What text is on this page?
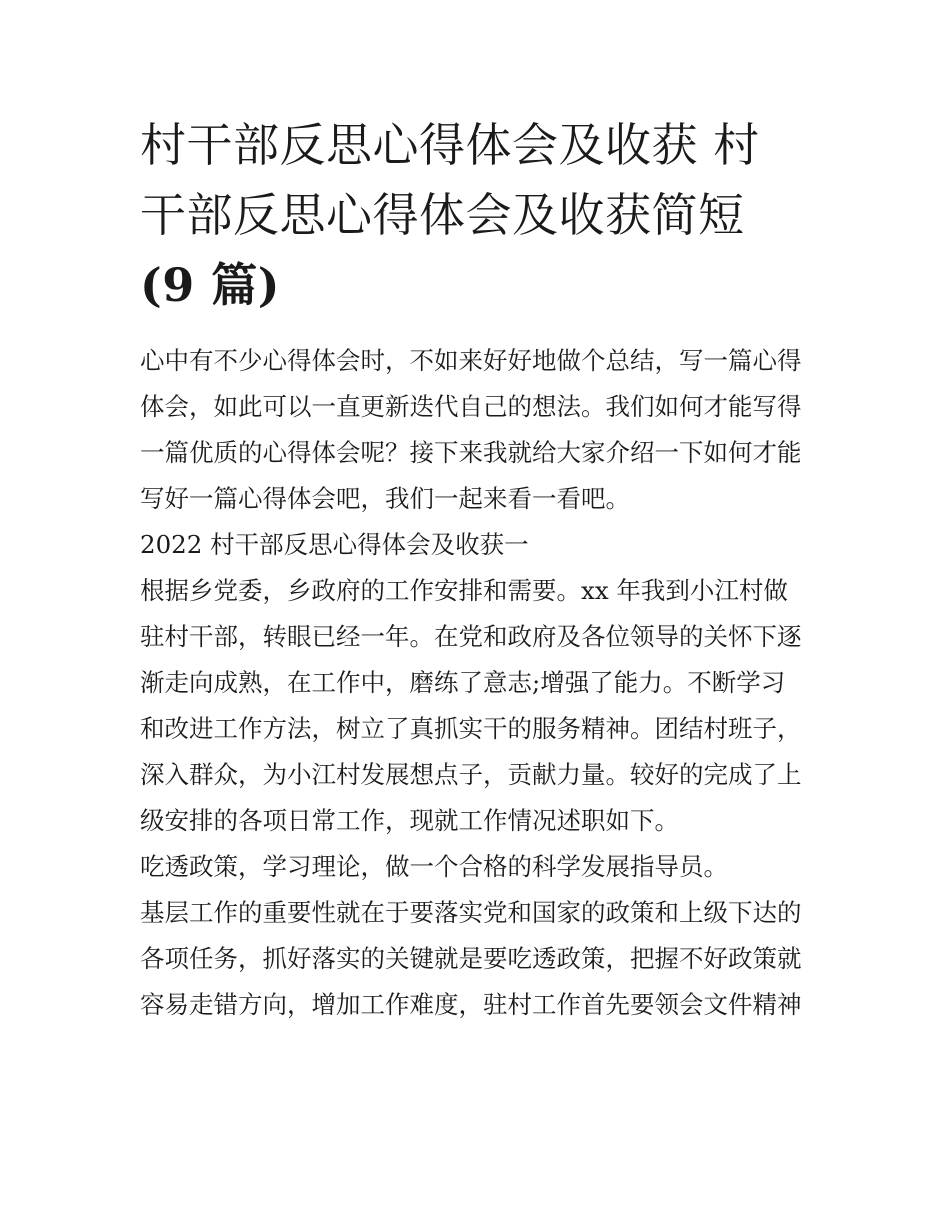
村干部反思心得体会及收获 村
干部反思心得体会及收获简短
(9 篇)

心中有不少心得体会时，不如来好好地做个总结，写一篇心得
体会，如此可以一直更新迭代自己的想法。我们如何才能写得
一篇优质的心得体会呢？接下来我就给大家介绍一下如何才能
写好一篇心得体会吧，我们一起来看一看吧。

2022 村干部反思心得体会及收获一

根据乡党委，乡政府的工作安排和需要。xx 年我到小江村做
驻村干部，转眼已经一年。在党和政府及各位领导的关怀下逐
渐走向成熟，在工作中，磨练了意志;增强了能力。不断学习
和改进工作方法，树立了真抓实干的服务精神。团结村班子，
深入群众，为小江村发展想点子，贡献力量。较好的完成了上
级安排的各项日常工作，现就工作情况述职如下。

吃透政策，学习理论，做一个合格的科学发展指导员。

基层工作的重要性就在于要落实党和国家的政策和上级下达的
各项任务，抓好落实的关键就是要吃透政策，把握不好政策就
容易走错方向，增加工作难度，驻村工作首先要领会文件精神
